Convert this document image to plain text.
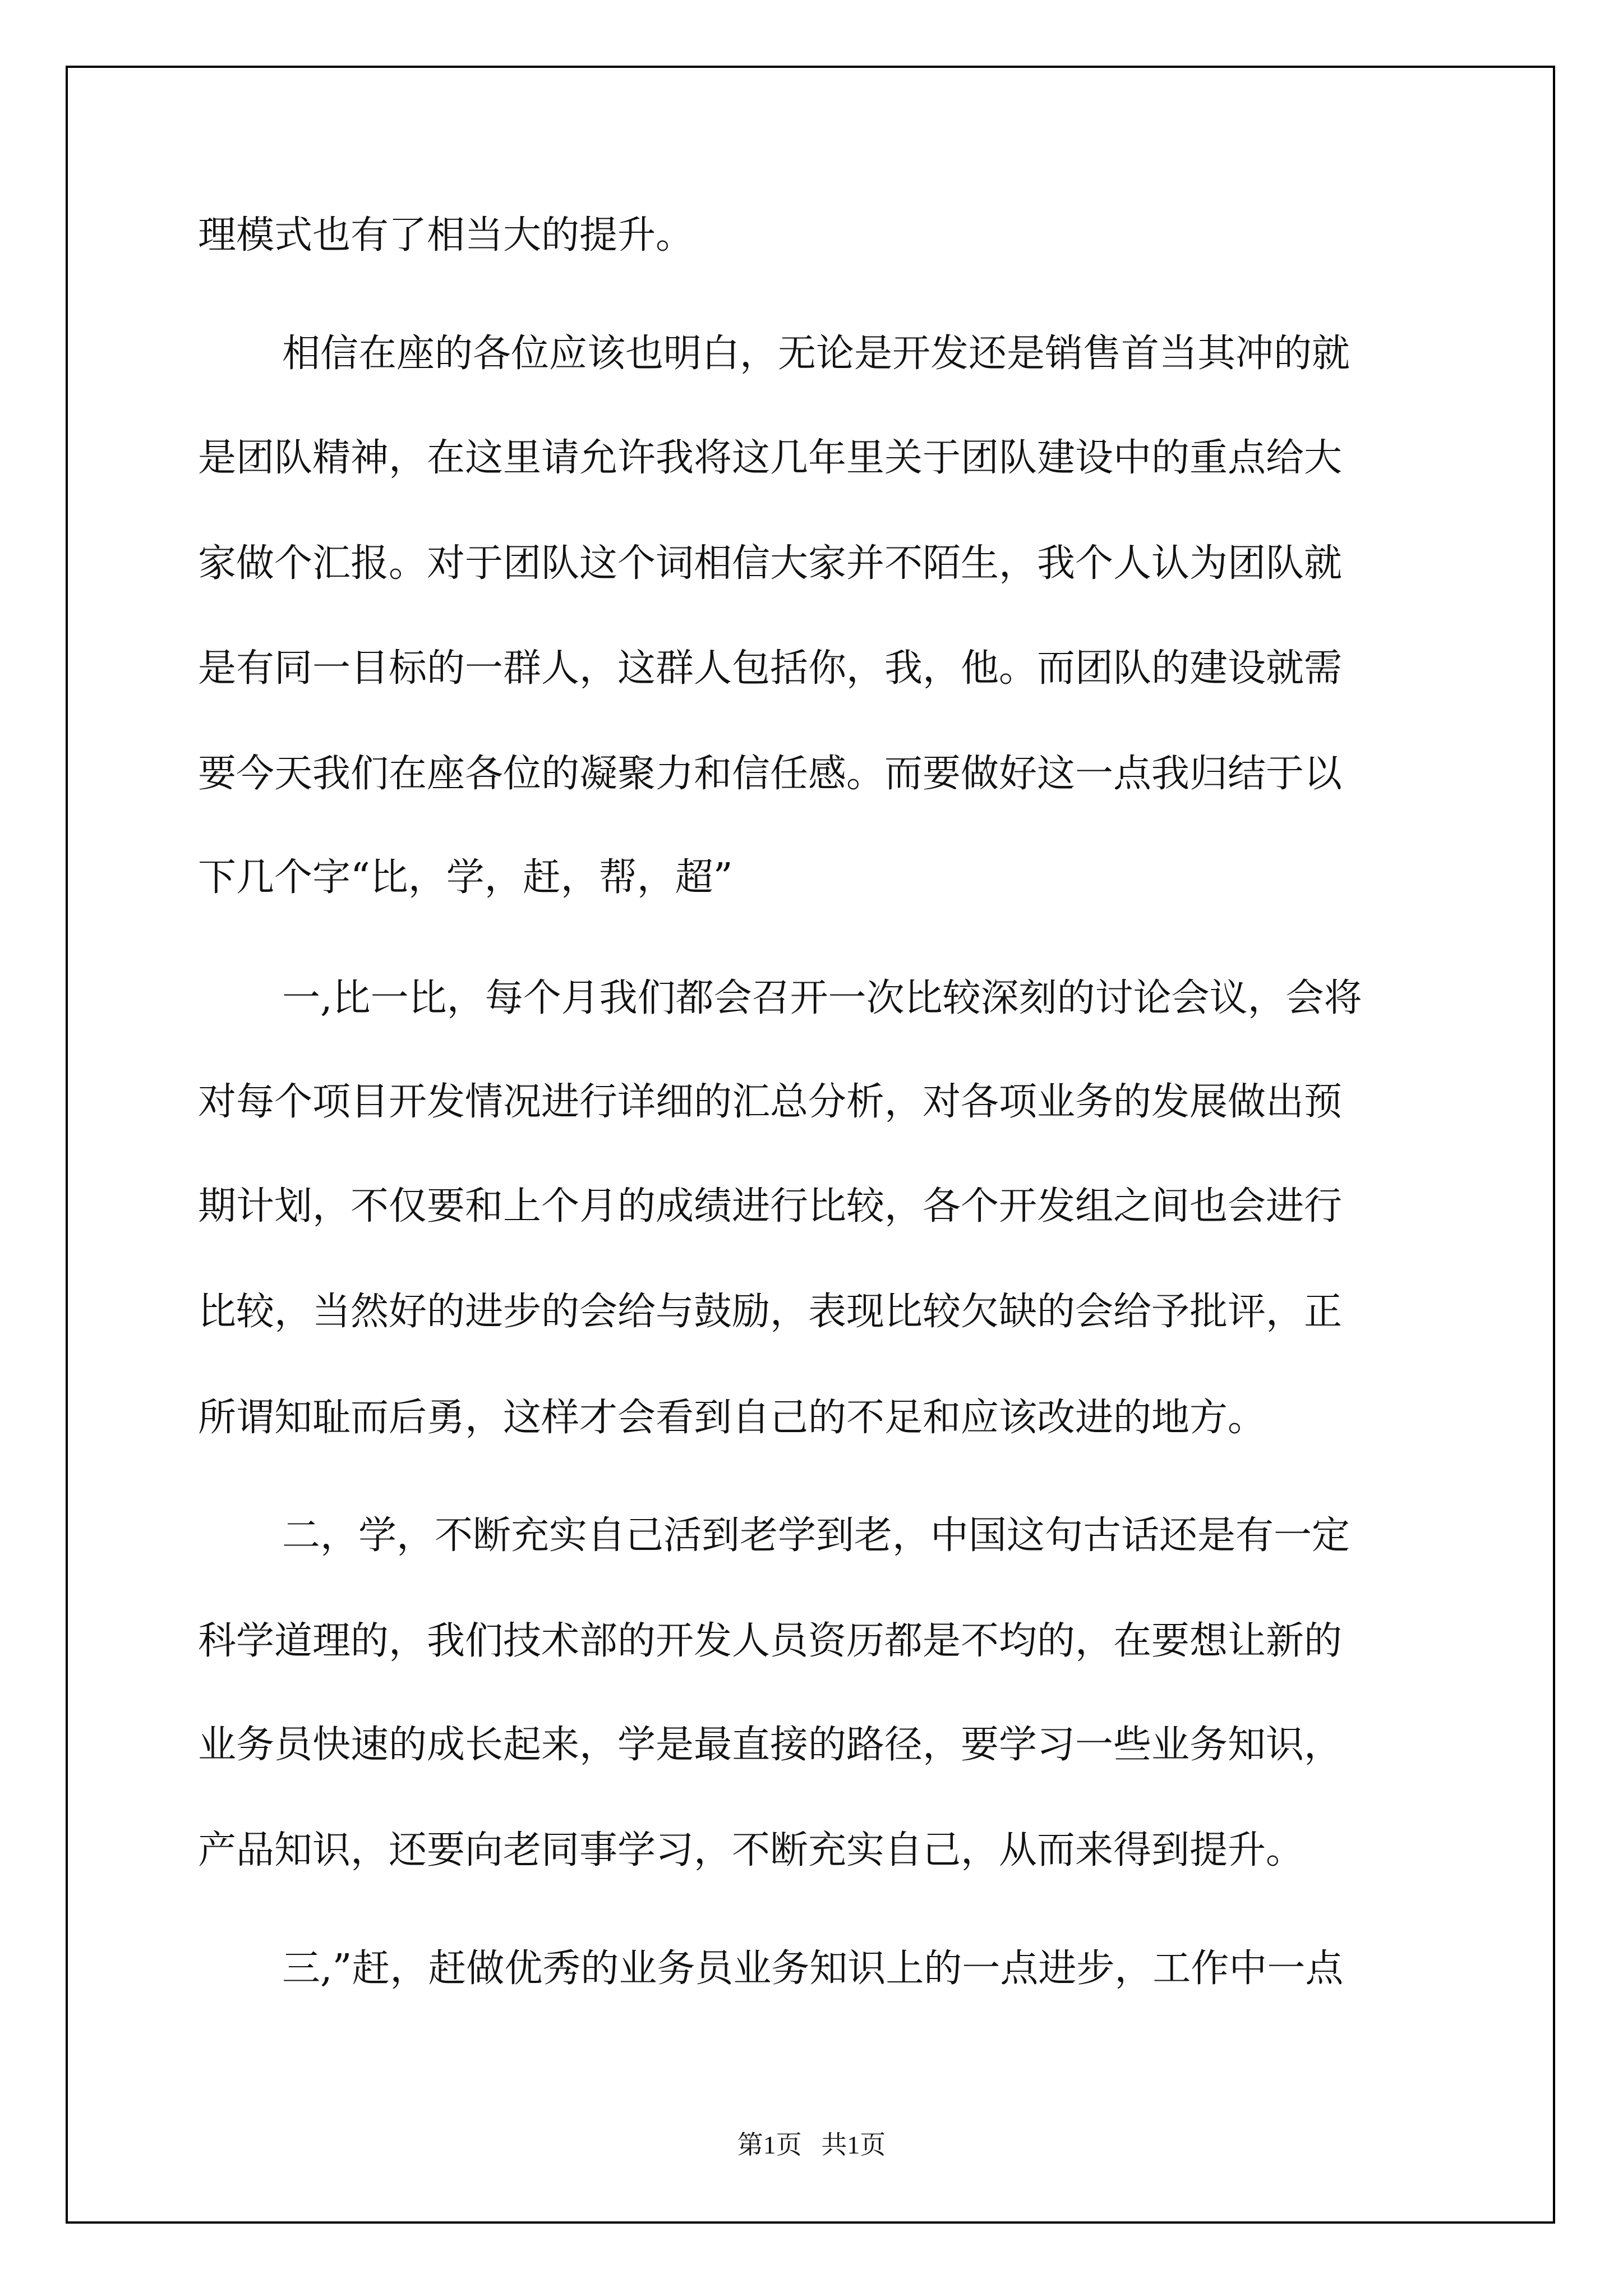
理模式也有了相当大的提升。

相信在座的各位应该也明白，无论是开发还是销售首当其冲的就

是团队精神，在这里请允许我将这几年里关于团队建设中的重点给大

家做个汇报。对于团队这个词相信大家并不陌生，我个人认为团队就

是有同一目标的一群人，这群人包括你，我，他。而团队的建设就需

要今天我们在座各位的凝聚力和信任感。而要做好这一点我归结于以

下几个字“比，学，赶，帮，超”

一,比一比，每个月我们都会召开一次比较深刻的讨论会议，会将

对每个项目开发情况进行详细的汇总分析，对各项业务的发展做出预

期计划，不仅要和上个月的成绩进行比较，各个开发组之间也会进行

比较，当然好的进步的会给与鼓励，表现比较欠缺的会给予批评，正

所谓知耻而后勇，这样才会看到自己的不足和应该改进的地方。

二，学，不断充实自己活到老学到老，中国这句古话还是有一定

科学道理的，我们技术部的开发人员资历都是不均的，在要想让新的

业务员快速的成长起来，学是最直接的路径，要学习一些业务知识，

产品知识，还要向老同事学习，不断充实自己，从而来得到提升。

三,”赶，赶做优秀的业务员业务知识上的一点进步，工作中一点

第1页   共1页
